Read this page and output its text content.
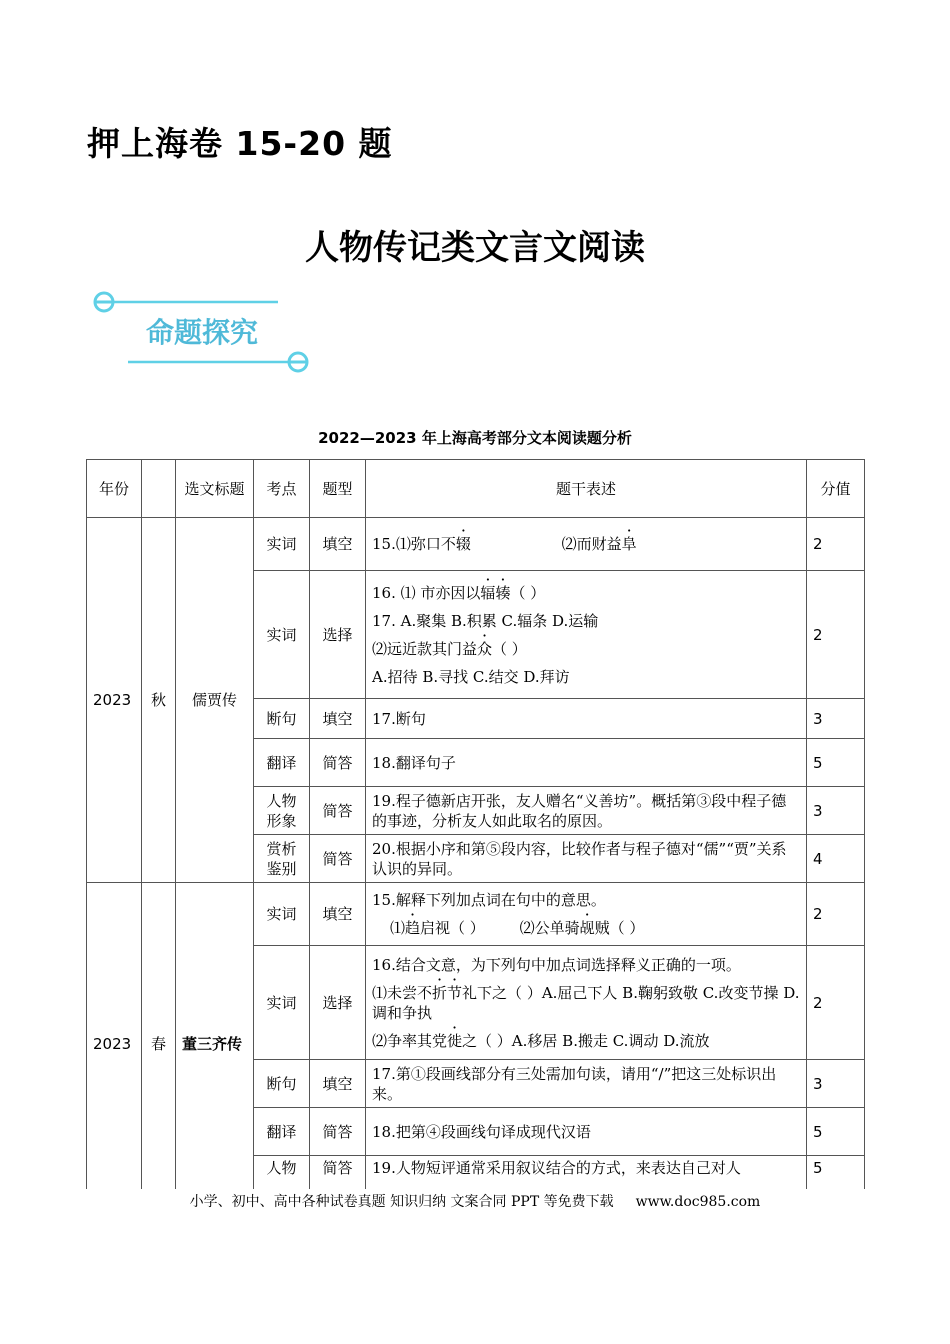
押上海卷 15-20 题
人物传记类文言文阅读
命题探究
2022—2023 年上海高考部分文本阅读题分析
年份		选文标题	考点	题型	题干表述	分值
2023	秋	儒贾传	实词	填空	15.⑴弥口不辍 ⑵而财益阜	2
			实词	选择	16. ⑴ 市亦因以辐辏（ ）
17. A.聚集 B.积累 C.辐条 D.运输
⑵远近款其门益众（ ）
A.招待 B.寻找 C.结交 D.拜访	2
			断句	填空	17.断句	3
			翻译	简答	18.翻译句子	5
			人物形象	简答	19.程子德新店开张，友人赠名“义善坊”。概括第③段中程子德的事迹，分析友人如此取名的原因。	3
			赏析鉴别	简答	20.根据小序和第⑤段内容，比较作者与程子德对“儒”“贾”关系认识的异同。	4
2023	春	董三齐传	实词	填空	15.解释下列加点词在句中的意思。
⑴趋启视（ ） ⑵公单骑觇贼（ ）	2
			实词	选择	16.结合文意，为下列句中加点词选择释义正确的一项。
⑴未尝不折节礼下之（ ）A.屈己下人 B.鞠躬致敬 C.改变节操 D.调和争执
⑵争率其党徙之（ ）A.移居 B.搬走 C.调动 D.流放	2
			断句	填空	17.第①段画线部分有三处需加句读，请用“/”把这三处标识出来。	3
			翻译	简答	18.把第④段画线句译成现代汉语	5
			人物	简答	19.人物短评通常采用叙议结合的方式，来表达自己对人	5
小学、初中、高中各种试卷真题 知识归纳 文案合同 PPT 等免费下载 www.doc985.com
